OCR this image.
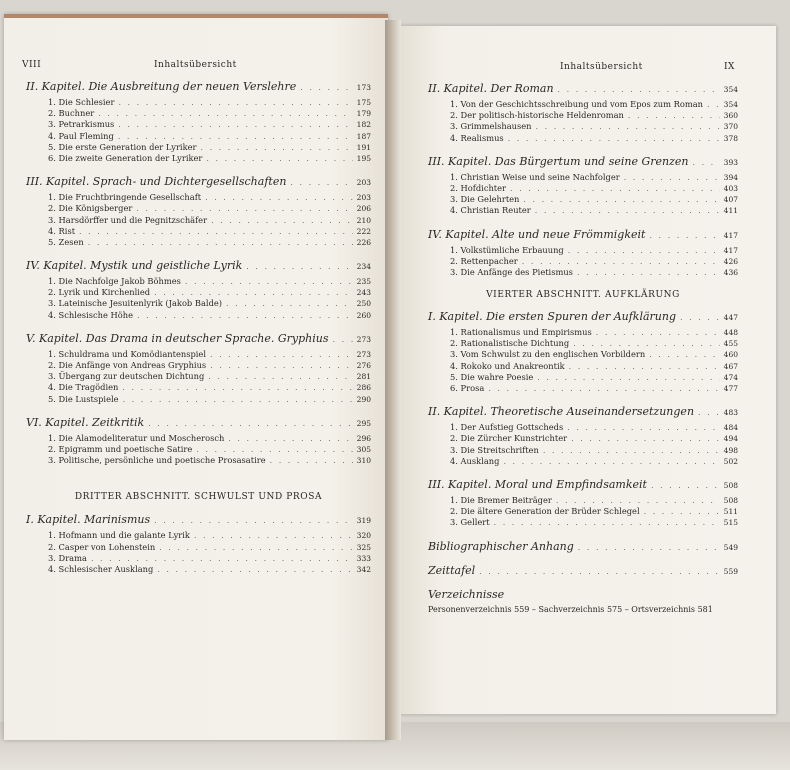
VIII	Inhaltsübersicht
II. Kapitel. Die Ausbreitung der neuen Verslehre . . .	173
1. Die Schlesier . . .	175
2. Buchner . . .	179
3. Petrarkismus . . .	182
4. Paul Fleming . . .	187
5. Die erste Generation der Lyriker . . .	191
6. Die zweite Generation der Lyriker . . .	195
III. Kapitel. Sprach- und Dichtergesellschaften . . .	203
1. Die Fruchtbringende Gesellschaft . . .	203
2. Die Königsberger . . .	206
3. Harsdörffer und die Pegnitzschäfer . . .	210
4. Rist . . .	222
5. Zesen . . .	226
IV. Kapitel. Mystik und geistliche Lyrik . . .	234
1. Die Nachfolge Jakob Böhmes . . .	235
2. Lyrik und Kirchenlied . . .	243
3. Lateinische Jesuitenlyrik (Jakob Balde) . . .	250
4. Schlesische Höhe . . .	260
V. Kapitel. Das Drama in deutscher Sprache. Gryphius . . .	273
1. Schuldrama und Komödiantenspiel . . .	273
2. Die Anfänge von Andreas Gryphius . . .	276
3. Übergang zur deutschen Dichtung . . .	281
4. Die Tragödien . . .	286
5. Die Lustspiele . . .	290
VI. Kapitel. Zeitkritik . . .	295
1. Die Alamodeliteratur und Moscherosch . . .	296
2. Epigramm und poetische Satire . . .	305
3. Politische, persönliche und poetische Prosasatire . . .	310
DRITTER ABSCHNITT. SCHWULST UND PROSA
I. Kapitel. Marinismus . . .	319
1. Hofmann und die galante Lyrik . . .	320
2. Casper von Lohenstein . . .	325
3. Drama . . .	333
4. Schlesischer Ausklang . . .	342
Inhaltsübersicht	IX
II. Kapitel. Der Roman . . .	354
1. Von der Geschichtsschreibung und vom Epos zum Roman . . .	354
2. Der politisch-historische Heldenroman . . .	360
3. Grimmelshausen . . .	370
4. Realismus . . .	378
III. Kapitel. Das Bürgertum und seine Grenzen . . .	393
1. Christian Weise und seine Nachfolger . . .	394
2. Hofdichter . . .	403
3. Die Gelehrten . . .	407
4. Christian Reuter . . .	411
IV. Kapitel. Alte und neue Frömmigkeit . . .	417
1. Volkstümliche Erbauung . . .	417
2. Rettenpacher . . .	426
3. Die Anfänge des Pietismus . . .	436
VIERTER ABSCHNITT. AUFKLÄRUNG
I. Kapitel. Die ersten Spuren der Aufklärung . . .	447
1. Rationalismus und Empirismus . . .	448
2. Rationalistische Dichtung . . .	455
3. Vom Schwulst zu den englischen Vorbildern . . .	460
4. Rokoko und Anakreontik . . .	467
5. Die wahre Poesie . . .	474
6. Prosa . . .	477
II. Kapitel. Theoretische Auseinandersetzungen . . .	483
1. Der Aufstieg Gottscheds . . .	484
2. Die Zürcher Kunstrichter . . .	494
3. Die Streitschriften . . .	498
4. Ausklang . . .	502
III. Kapitel. Moral und Empfindsamkeit . . .	508
1. Die Bremer Beiträger . . .	508
2. Die ältere Generation der Brüder Schlegel . . .	511
3. Gellert . . .	515
Bibliographischer Anhang . . .	549
Zeittafel . . .	559
Verzeichnisse
Personenverzeichnis 559 – Sachverzeichnis 575 – Ortsverzeichnis 581
